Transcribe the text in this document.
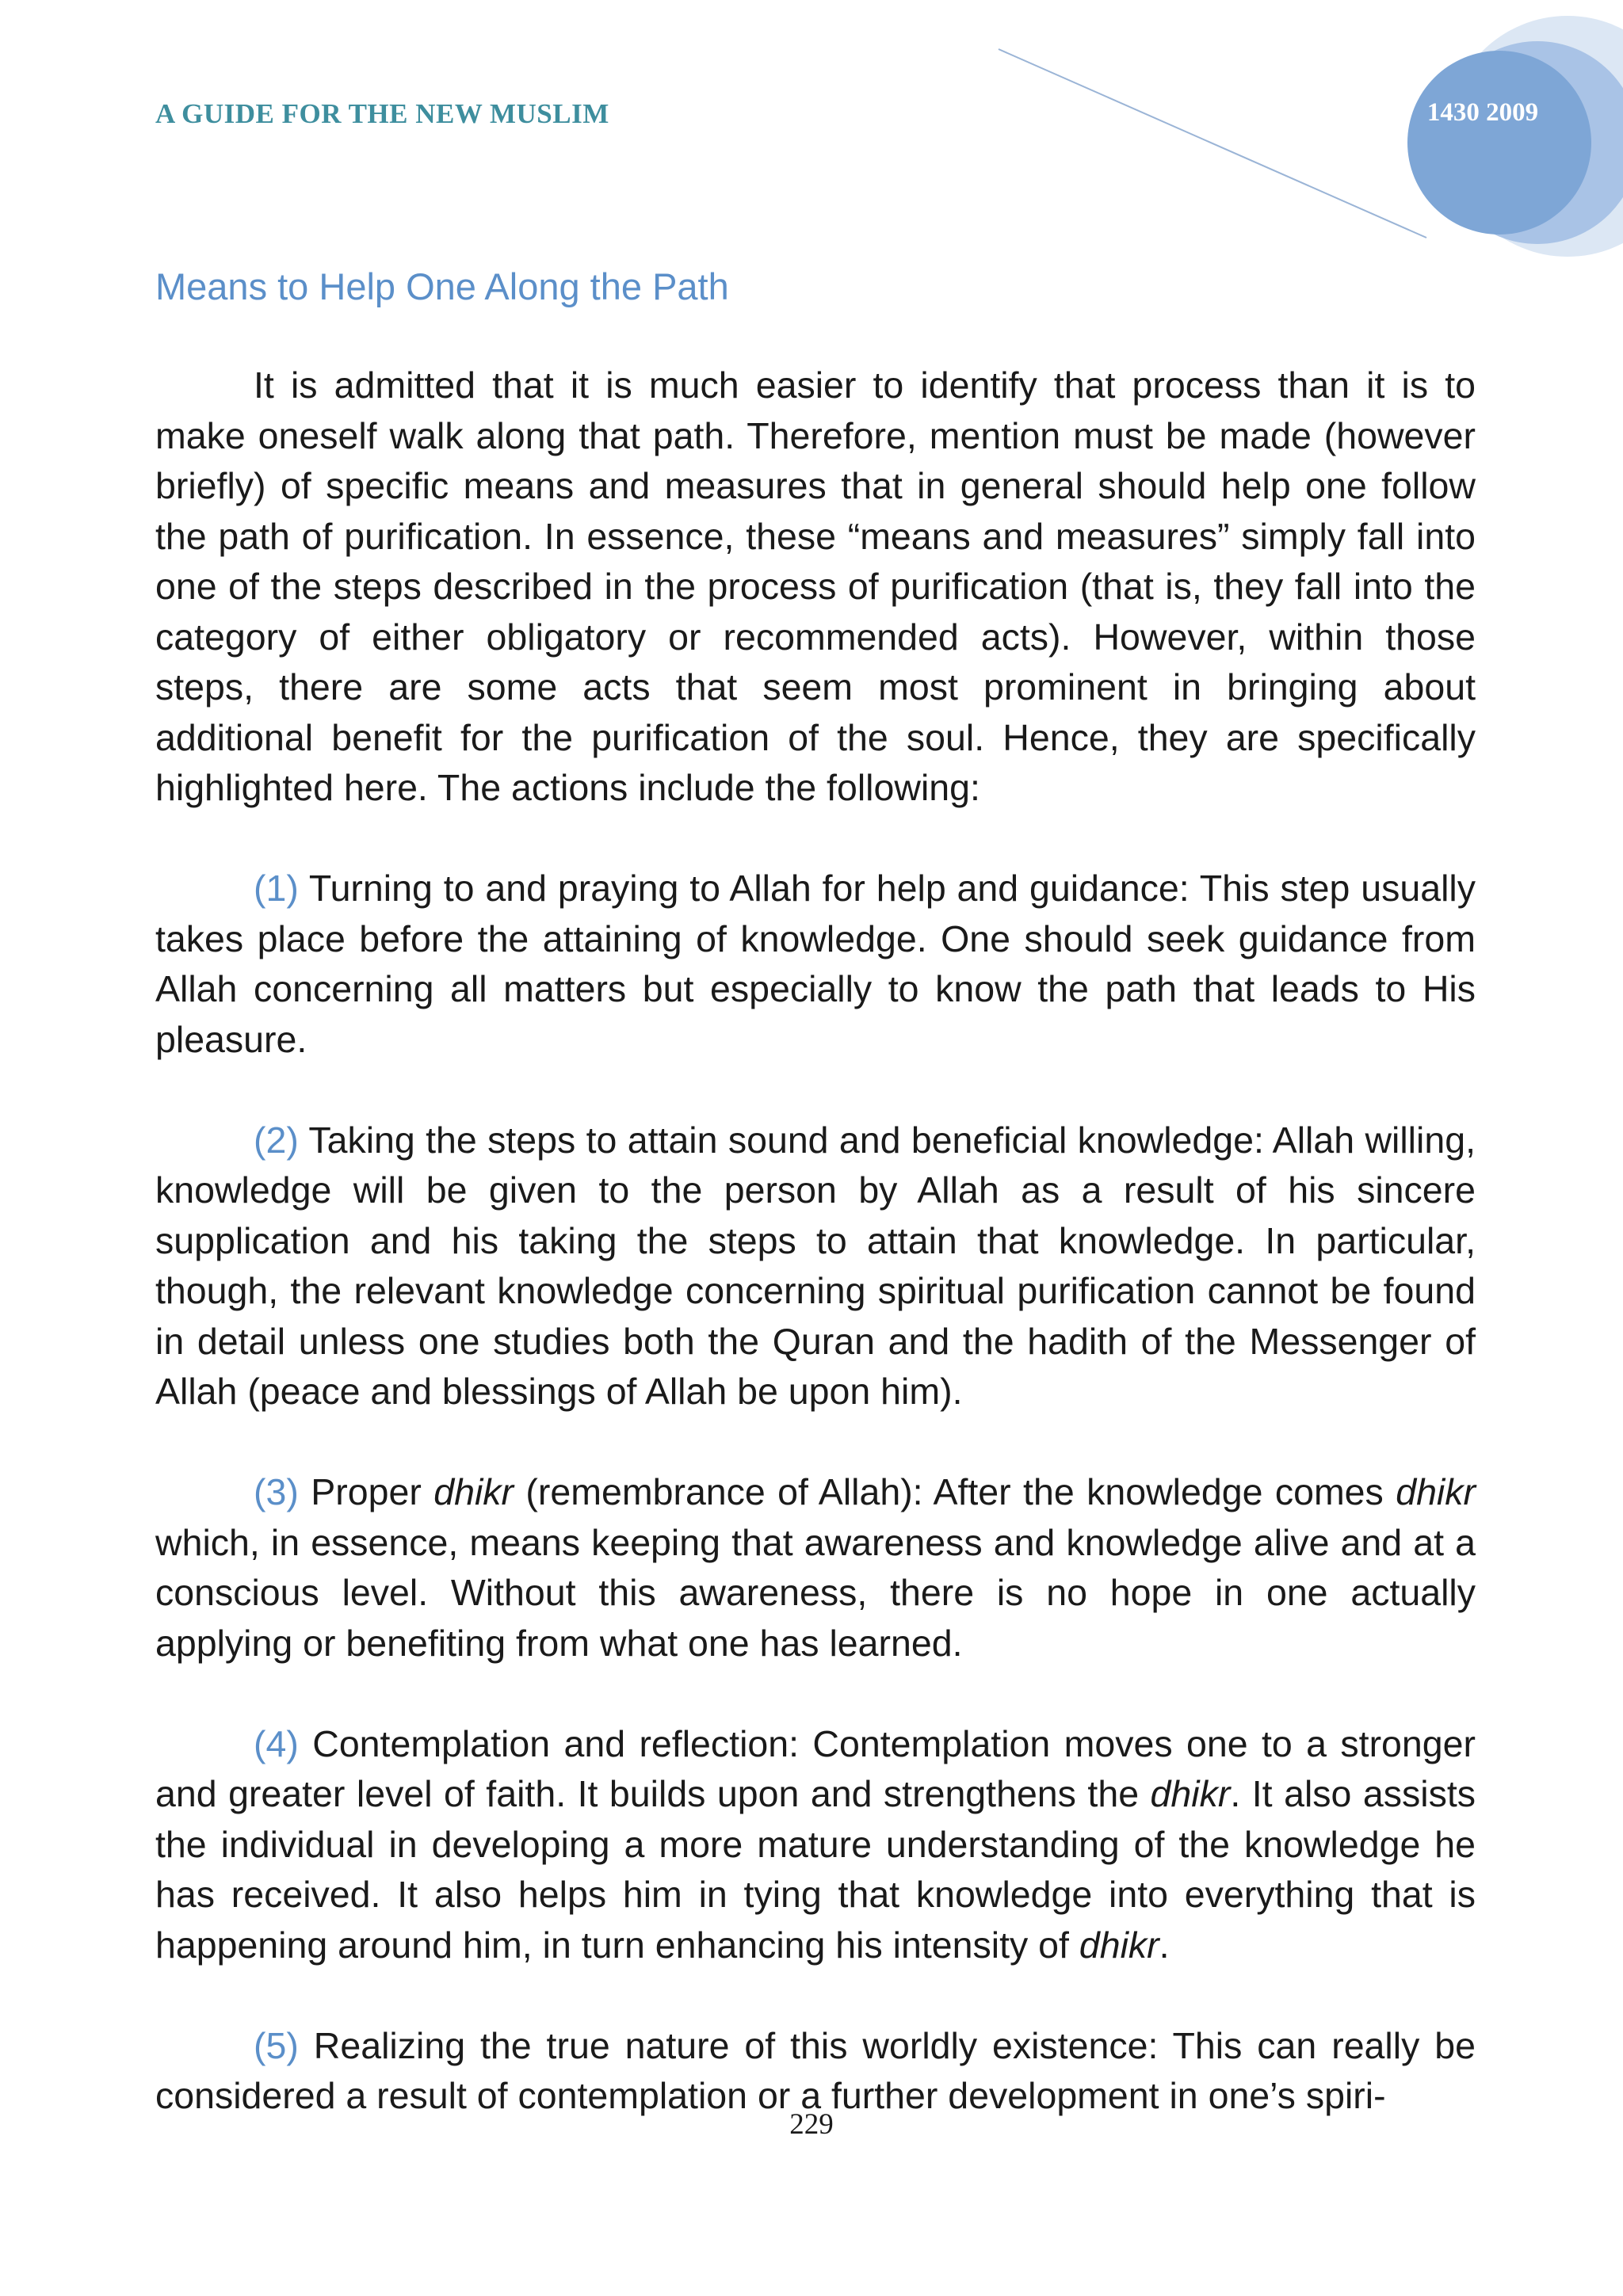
A GUIDE FOR THE NEW MUSLIM	1430 2009
Means to Help One Along the Path

It is admitted that it is much easier to identify that process than it is to make oneself walk along that path. Therefore, mention must be made (however briefly) of specific means and measures that in general should help one follow the path of purification. In essence, these “means and measures” simply fall into one of the steps described in the process of purification (that is, they fall into the category of either obligatory or recommended acts). However, within those steps, there are some acts that seem most prominent in bringing about additional benefit for the purification of the soul. Hence, they are specifically highlighted here. The actions include the following:

(1) Turning to and praying to Allah for help and guidance: This step usually takes place before the attaining of knowledge. One should seek guidance from Allah concerning all matters but especially to know the path that leads to His pleasure.

(2) Taking the steps to attain sound and beneficial knowledge: Allah willing, knowledge will be given to the person by Allah as a result of his sincere supplication and his taking the steps to attain that knowledge. In particular, though, the relevant knowledge concerning spiritual purification cannot be found in detail unless one studies both the Quran and the hadith of the Messenger of Allah (peace and blessings of Allah be upon him).

(3) Proper dhikr (remembrance of Allah): After the knowledge comes dhikr which, in essence, means keeping that awareness and knowledge alive and at a conscious level. Without this awareness, there is no hope in one actually applying or benefiting from what one has learned.

(4) Contemplation and reflection: Contemplation moves one to a stronger and greater level of faith. It builds upon and strengthens the dhikr. It also assists the individual in developing a more mature understanding of the knowledge he has received. It also helps him in tying that knowledge into everything that is happening around him, in turn enhancing his intensity of dhikr.

(5) Realizing the true nature of this worldly existence: This can really be considered a result of contemplation or a further development in one’s spiri-

229
